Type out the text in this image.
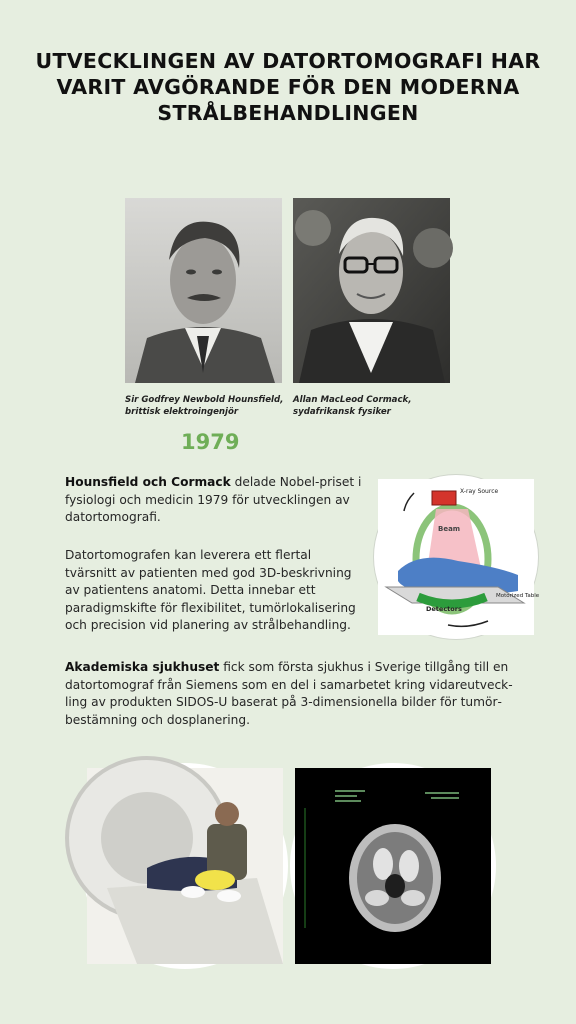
UTVECKLINGEN AV DATORTOMOGRAFI HAR VARIT AVGÖRANDE FÖR DEN MODERNA STRÅLBEHANDLINGEN

Sir Godfrey Newbold Hounsfield,
brittisk elektroingenjör

Allan MacLeod Cormack,
sydafrikansk fysiker

1979

Hounsfield och Cormack delade Nobel-priset i fysiologi och medicin 1979 för utvecklingen av datortomografi.

Datortomografen kan leverera ett flertal tvärsnitt av patienten med god 3D-beskrivning av patientens anatomi. Detta innebar ett paradigmskifte för flexibilitet, tumörlokalisering och precision vid planering av strålbehandling.

Akademiska sjukhuset fick som första sjukhus i Sverige tillgång till en datortomograf från Siemens som en del i samarbetet kring vidareutveckling av produkten SIDOS-U baserat på 3-dimensionella bilder för tumörbestämning och dosplanering.

X-ray Source
Beam
Detectors
Motorized Table
